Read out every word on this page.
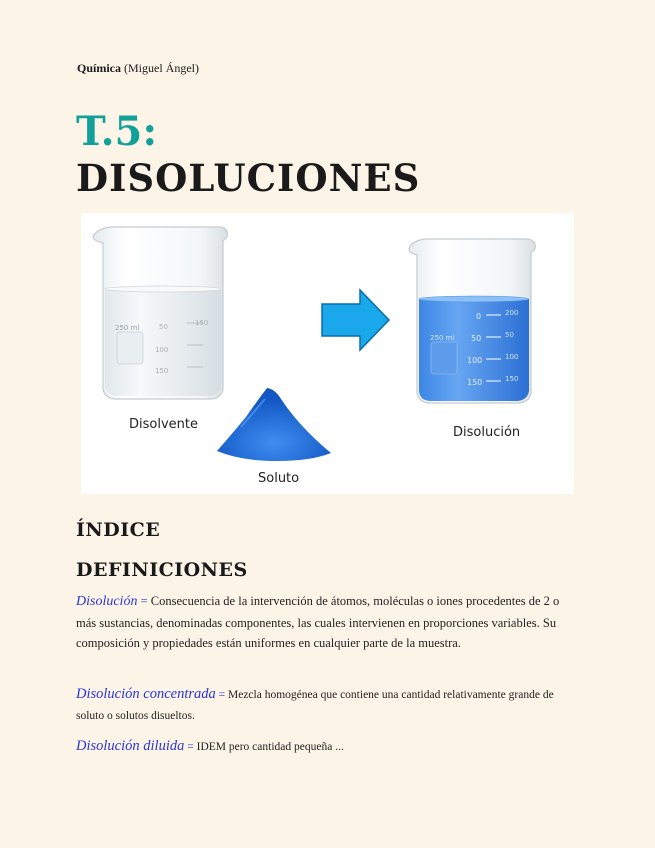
Química (Miguel Ángel)
T.5:
DISOLUCIONES
250 ml
150
50
100
150
250 ml
0
50
100
150
200
50
100
150
Disolvente
Soluto
Disolución
ÍNDICE
DEFINICIONES
Disolución = Consecuencia de la intervención de átomos, moléculas o iones procedentes de 2 o más sustancias, denominadas componentes, las cuales intervienen en proporciones variables. Su composición y propiedades están uniformes en cualquier parte de la muestra.
Disolución concentrada = Mezcla homogénea que contiene una cantidad relativamente grande de soluto o solutos disueltos.
Disolución diluida = IDEM pero cantidad pequeña ...
